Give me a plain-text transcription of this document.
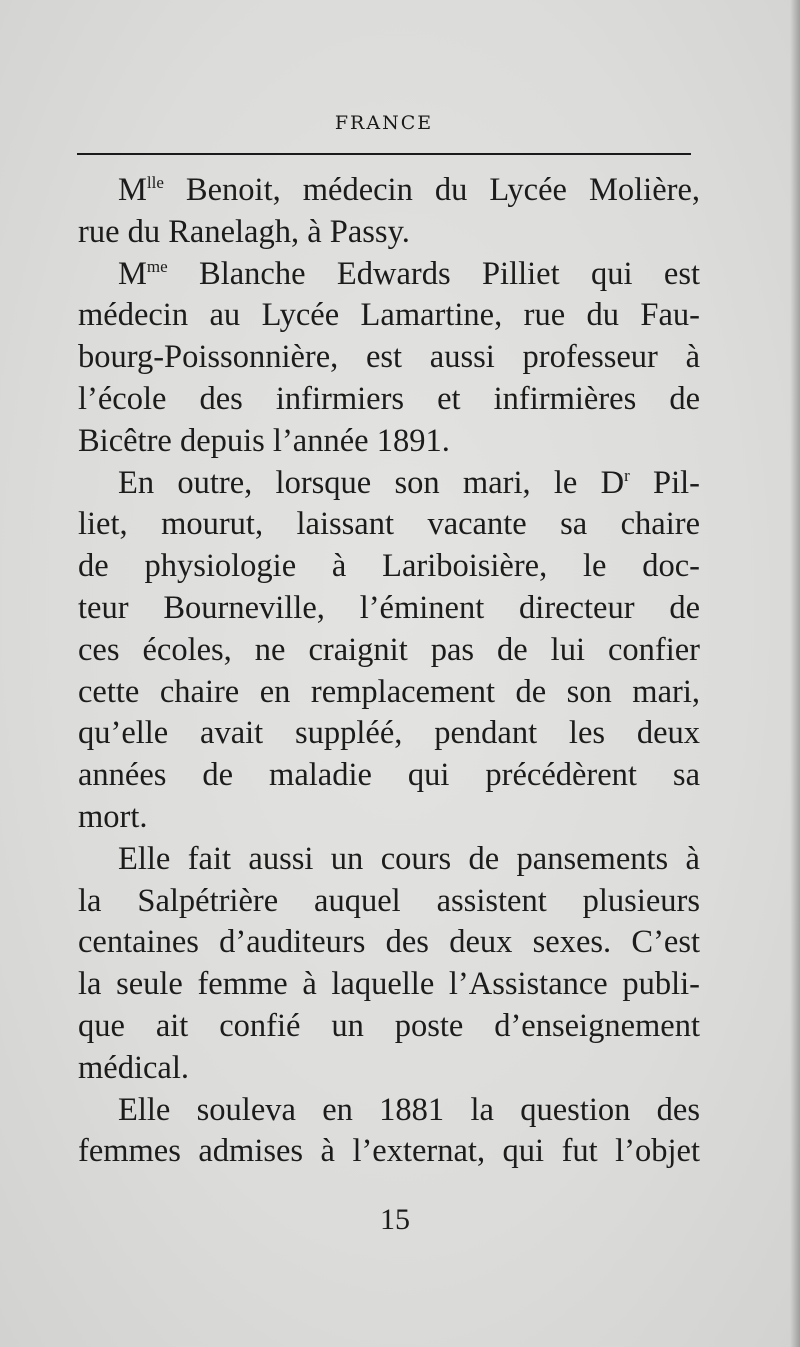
FRANCE
$M^{lle}$ Benoit, médecin du Lycée Molière,
rue du Ranelagh, à Passy.
$M^{me}$ Blanche Edwards Pilliet qui est
médecin au Lycée Lamartine, rue du Fau-
bourg-Poissonnière, est aussi professeur à
l’école des infirmiers et infirmières de
Bicêtre depuis l’année 1891.
En outre, lorsque son mari, le $D^r$ Pil-
liet, mourut, laissant vacante sa chaire
de physiologie à Lariboisière, le doc-
teur Bourneville, l’éminent directeur de
ces écoles, ne craignit pas de lui confier
cette chaire en remplacement de son mari,
qu’elle avait suppléé, pendant les deux
années de maladie qui précédèrent sa
mort.
Elle fait aussi un cours de pansements à
la Salpétrière auquel assistent plusieurs
centaines d’auditeurs des deux sexes. C’est
la seule femme à laquelle l’Assistance publi-
que ait confié un poste d’enseignement
médical.
Elle souleva en 1881 la question des
femmes admises à l’externat, qui fut l’objet
15
